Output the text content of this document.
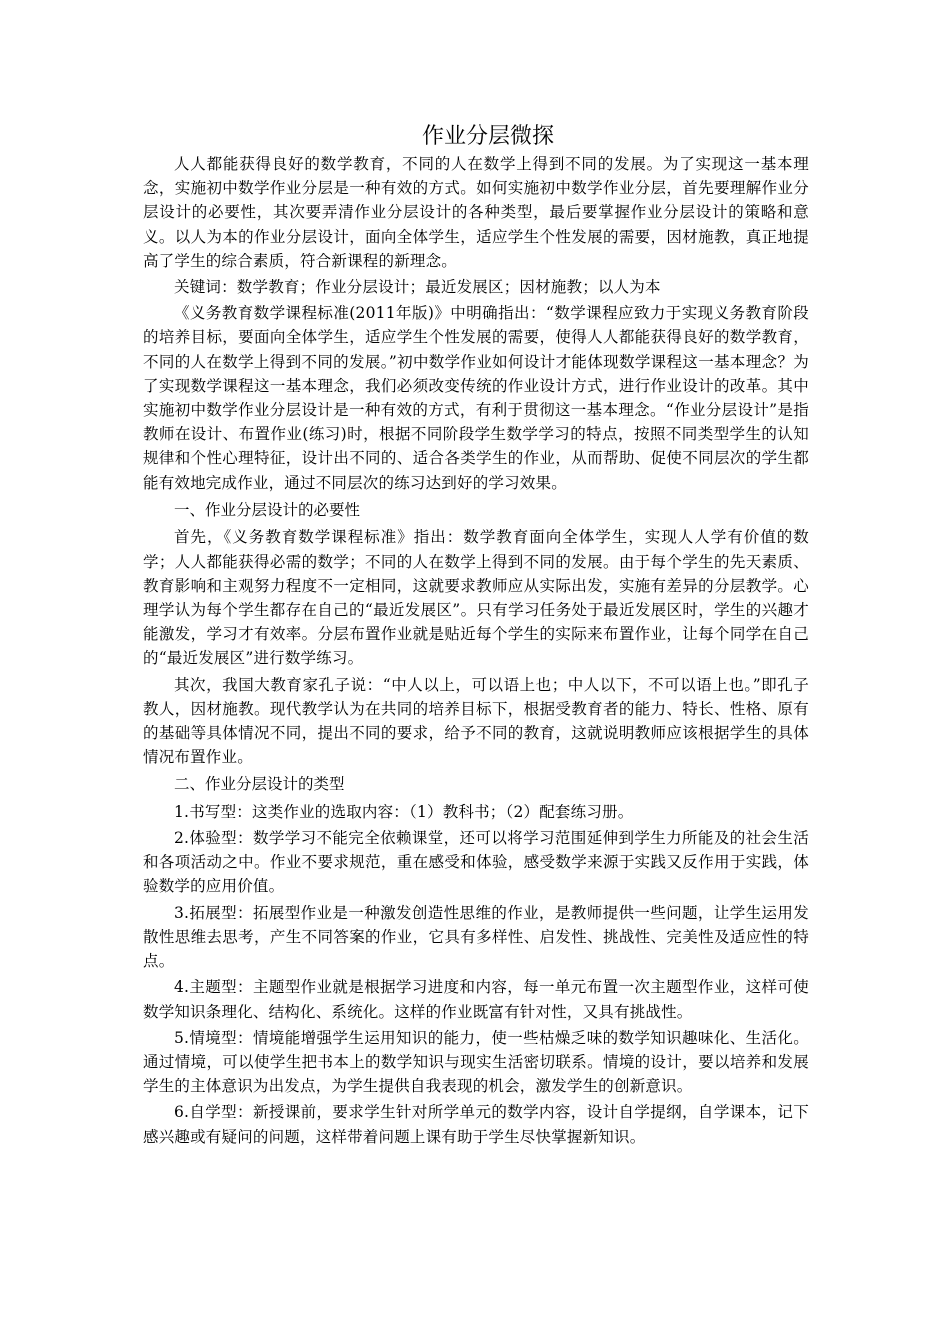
作业分层微探

人人都能获得良好的数学教育，不同的人在数学上得到不同的发展。为了实现这一基本理念，实施初中数学作业分层是一种有效的方式。如何实施初中数学作业分层，首先要理解作业分层设计的必要性，其次要弄清作业分层设计的各种类型，最后要掌握作业分层设计的策略和意义。以人为本的作业分层设计，面向全体学生，适应学生个性发展的需要，因材施教，真正地提高了学生的综合素质，符合新课程的新理念。

关键词：数学教育；作业分层设计；最近发展区；因材施教；以人为本

《义务教育数学课程标准(2011年版)》中明确指出：“数学课程应致力于实现义务教育阶段的培养目标，要面向全体学生，适应学生个性发展的需要，使得人人都能获得良好的数学教育，不同的人在数学上得到不同的发展。”初中数学作业如何设计才能体现数学课程这一基本理念？为了实现数学课程这一基本理念，我们必须改变传统的作业设计方式，进行作业设计的改革。其中实施初中数学作业分层设计是一种有效的方式，有利于贯彻这一基本理念。“作业分层设计”是指教师在设计、布置作业(练习)时，根据不同阶段学生数学学习的特点，按照不同类型学生的认知规律和个性心理特征，设计出不同的、适合各类学生的作业，从而帮助、促使不同层次的学生都能有效地完成作业，通过不同层次的练习达到好的学习效果。

一、作业分层设计的必要性

首先，《义务教育数学课程标准》指出：数学教育面向全体学生，实现人人学有价值的数学；人人都能获得必需的数学；不同的人在数学上得到不同的发展。由于每个学生的先天素质、教育影响和主观努力程度不一定相同，这就要求教师应从实际出发，实施有差异的分层教学。心理学认为每个学生都存在自己的“最近发展区”。只有学习任务处于最近发展区时，学生的兴趣才能激发，学习才有效率。分层布置作业就是贴近每个学生的实际来布置作业，让每个同学在自己的“最近发展区”进行数学练习。

其次，我国大教育家孔子说：“中人以上，可以语上也；中人以下，不可以语上也。”即孔子教人，因材施教。现代教学认为在共同的培养目标下，根据受教育者的能力、特长、性格、原有的基础等具体情况不同，提出不同的要求，给予不同的教育，这就说明教师应该根据学生的具体情况布置作业。

二、作业分层设计的类型

1.书写型：这类作业的选取内容：（1）教科书；（2）配套练习册。

2.体验型：数学学习不能完全依赖课堂，还可以将学习范围延伸到学生力所能及的社会生活和各项活动之中。作业不要求规范，重在感受和体验，感受数学来源于实践又反作用于实践，体验数学的应用价值。

3.拓展型：拓展型作业是一种激发创造性思维的作业，是教师提供一些问题，让学生运用发散性思维去思考，产生不同答案的作业，它具有多样性、启发性、挑战性、完美性及适应性的特点。

4.主题型：主题型作业就是根据学习进度和内容，每一单元布置一次主题型作业，这样可使数学知识条理化、结构化、系统化。这样的作业既富有针对性，又具有挑战性。

5.情境型：情境能增强学生运用知识的能力，使一些枯燥乏味的数学知识趣味化、生活化。通过情境，可以使学生把书本上的数学知识与现实生活密切联系。情境的设计，要以培养和发展学生的主体意识为出发点，为学生提供自我表现的机会，激发学生的创新意识。

6.自学型：新授课前，要求学生针对所学单元的数学内容，设计自学提纲，自学课本，记下感兴趣或有疑问的问题，这样带着问题上课有助于学生尽快掌握新知识。
